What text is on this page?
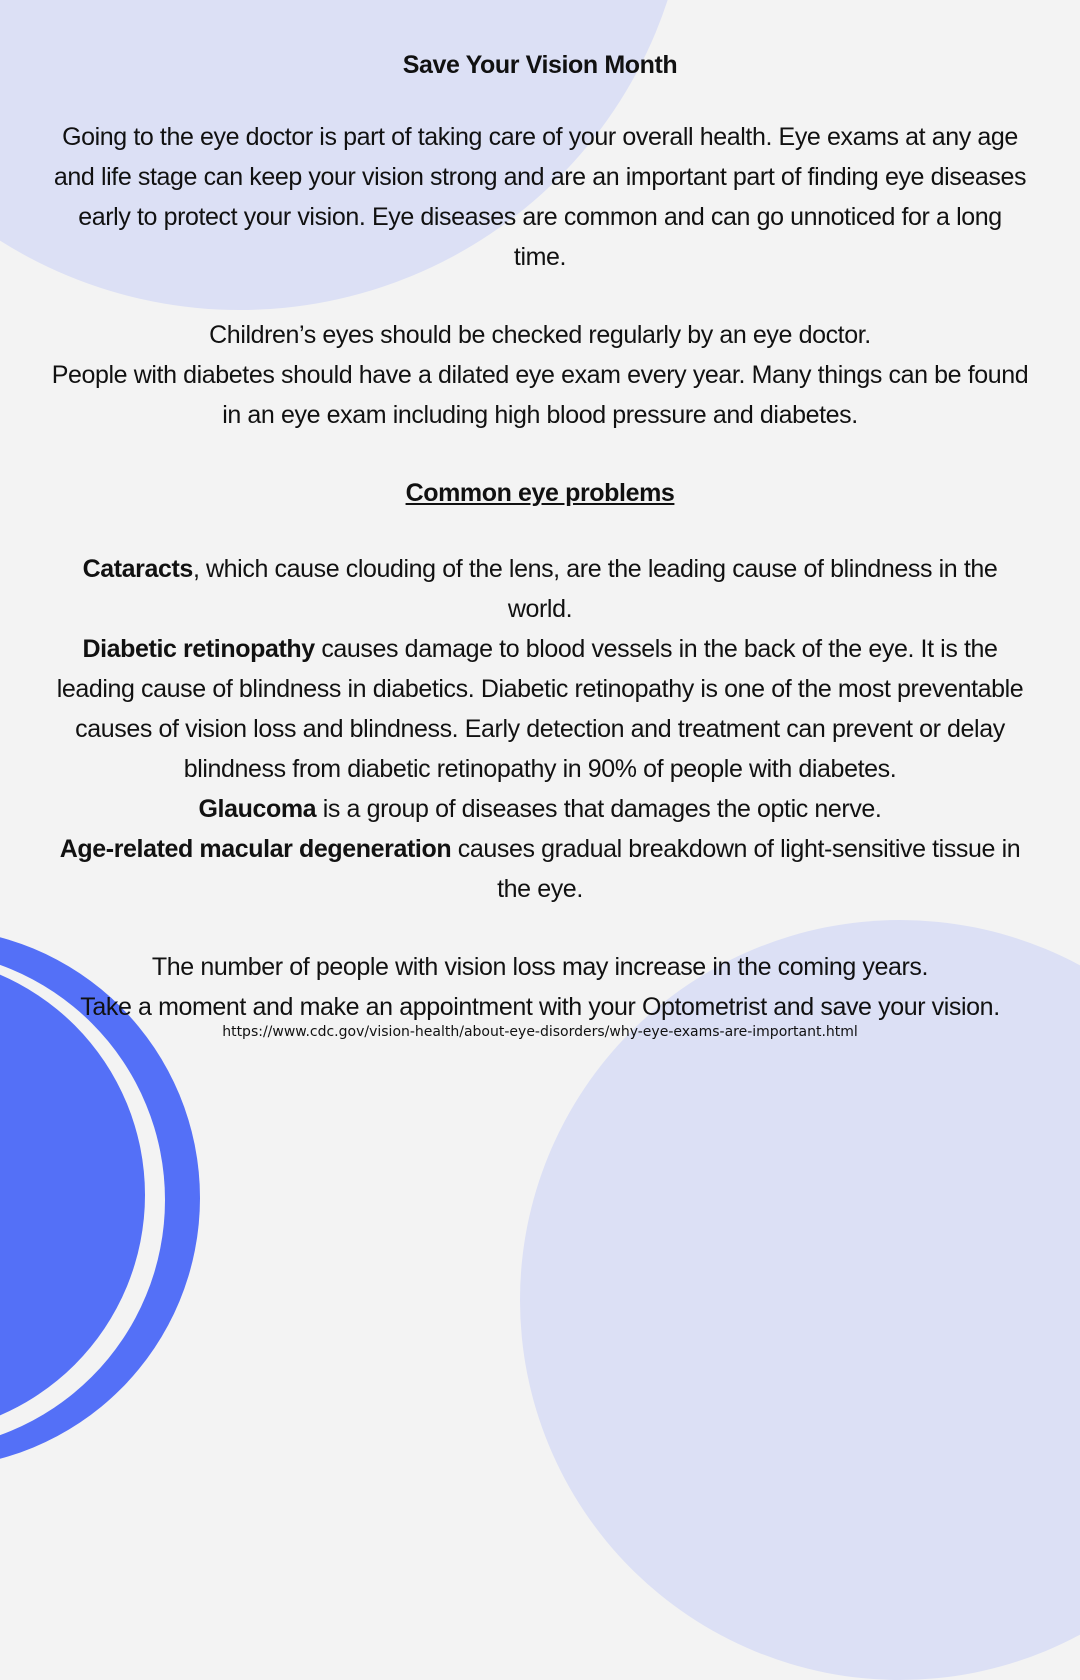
Save Your Vision Month

Going to the eye doctor is part of taking care of your overall health. Eye exams at any age and life stage can keep your vision strong and are an important part of finding eye diseases early to protect your vision. Eye diseases are common and can go unnoticed for a long time.

Children’s eyes should be checked regularly by an eye doctor.

People with diabetes should have a dilated eye exam every year. Many things can be found in an eye exam including high blood pressure and diabetes.

Common eye problems

Cataracts, which cause clouding of the lens, are the leading cause of blindness in the world.

Diabetic retinopathy causes damage to blood vessels in the back of the eye. It is the leading cause of blindness in diabetics. Diabetic retinopathy is one of the most preventable causes of vision loss and blindness. Early detection and treatment can prevent or delay blindness from diabetic retinopathy in 90% of people with diabetes.

Glaucoma is a group of diseases that damages the optic nerve.

Age-related macular degeneration causes gradual breakdown of light-sensitive tissue in the eye.

The number of people with vision loss may increase in the coming years.

Take a moment and make an appointment with your Optometrist and save your vision.

https://www.cdc.gov/vision-health/about-eye-disorders/why-eye-exams-are-important.html
